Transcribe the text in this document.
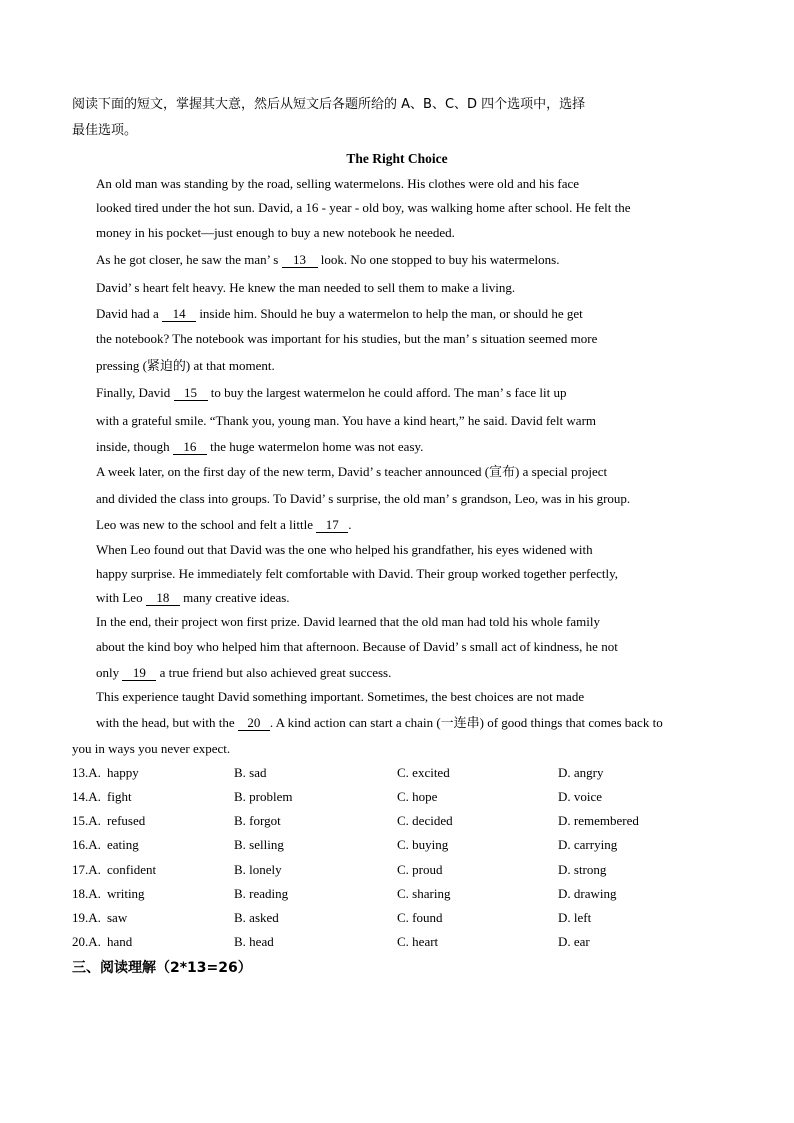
阅读下面的短文，掌握其大意，然后从短文后各题所给的 A、B、C、D 四个选项中，选择
最佳选项。
The Right Choice
An old man was standing by the road, selling watermelons. His clothes were old and his face
looked tired under the hot sun. David, a 16 - year - old boy, was walking home after school. He felt the
money in his pocket—just enough to buy a new notebook he needed.
As he got closer, he saw the man’ s 13 look. No one stopped to buy his watermelons.
David’ s heart felt heavy. He knew the man needed to sell them to make a living.
David had a 14 inside him. Should he buy a watermelon to help the man, or should he get
the notebook? The notebook was important for his studies, but the man’ s situation seemed more
pressing (紧迫的) at that moment.
Finally, David 15 to buy the largest watermelon he could afford. The man’ s face lit up
with a grateful smile. “Thank you, young man. You have a kind heart,” he said. David felt warm
inside, though 16 the huge watermelon home was not easy.
A week later, on the first day of the new term, David’ s teacher announced (宣布) a special project
and divided the class into groups. To David’ s surprise, the old man’ s grandson, Leo, was in his group.
Leo was new to the school and felt a little 17 .
When Leo found out that David was the one who helped his grandfather, his eyes widened with
happy surprise. He immediately felt comfortable with David. Their group worked together perfectly,
with Leo 18 many creative ideas.
In the end, their project won first prize. David learned that the old man had told his whole family
about the kind boy who helped him that afternoon. Because of David’ s small act of kindness, he not
only 19 a true friend but also achieved great success.
This experience taught David something important. Sometimes, the best choices are not made
with the head, but with the 20 . A kind action can start a chain (一连串) of good things that comes back to
you in ways you never expect.
13.A. happy	B. sad	C. excited	D. angry
14.A. fight	B. problem	C. hope	D. voice
15.A. refused	B. forgot	C. decided	D. remembered
16.A. eating	B. selling	C. buying	D. carrying
17.A. confident	B. lonely	C. proud	D. strong
18.A. writing	B. reading	C. sharing	D. drawing
19.A. saw	B. asked	C. found	D. left
20.A. hand	B. head	C. heart	D. ear
三、阅读理解（2*13=26）
